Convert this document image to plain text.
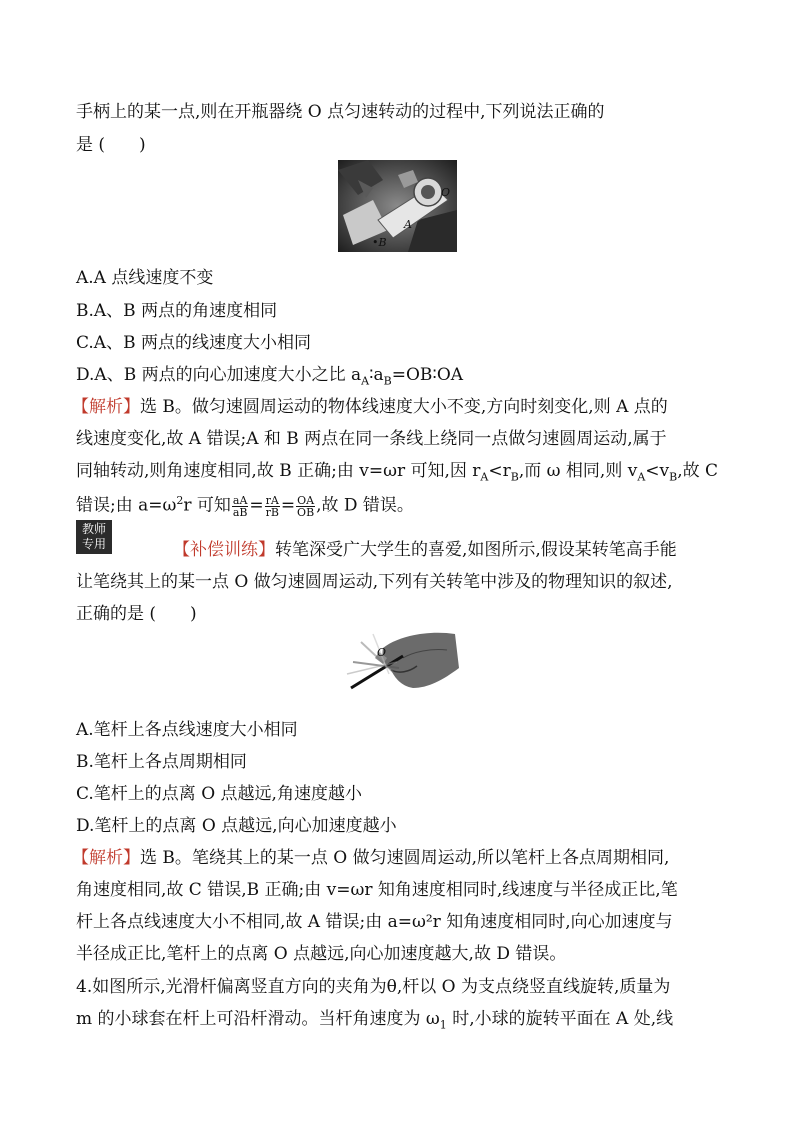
手柄上的某一点,则在开瓶器绕 O 点匀速转动的过程中,下列说法正确的
是 (　　)
O
A
•B
A.A 点线速度不变
B.A、B 两点的角速度相同
C.A、B 两点的线速度大小相同
D.A、B 两点的向心加速度大小之比 $a_A∶a_B=OB∶OA$
【解析】选 B。做匀速圆周运动的物体线速度大小不变,方向时刻变化,则 A 点的
线速度变化,故 A 错误;A 和 B 两点在同一条线上绕同一点做匀速圆周运动,属于
同轴转动,则角速度相同,故 B 正确;由 v=ωr 可知,因 $r_A<r_B$,而 ω 相同,则 $v_A<v_B$,故 C
错误;由 $a=\omega^2r$ 可知 $\frac{aA}{aB} = \frac{rA}{rB} = \frac{OA}{OB}$ ,故 D 错误。
教师
专用	【补偿训练】转笔深受广大学生的喜爱,如图所示,假设某转笔高手能
让笔绕其上的某一点 O 做匀速圆周运动,下列有关转笔中涉及的物理知识的叙述,
正确的是 (　　)
O
A.笔杆上各点线速度大小相同
B.笔杆上各点周期相同
C.笔杆上的点离 O 点越远,角速度越小
D.笔杆上的点离 O 点越远,向心加速度越小
【解析】选 B。笔绕其上的某一点 O 做匀速圆周运动,所以笔杆上各点周期相同,
角速度相同,故 C 错误,B 正确;由 v=ωr 知角速度相同时,线速度与半径成正比,笔
杆上各点线速度大小不相同,故 A 错误;由 a=ω²r 知角速度相同时,向心加速度与
半径成正比,笔杆上的点离 O 点越远,向心加速度越大,故 D 错误。
4.如图所示,光滑杆偏离竖直方向的夹角为θ,杆以 O 为支点绕竖直线旋转,质量为
m 的小球套在杆上可沿杆滑动。当杆角速度为 $\omega_1$ 时,小球的旋转平面在 A 处,线
